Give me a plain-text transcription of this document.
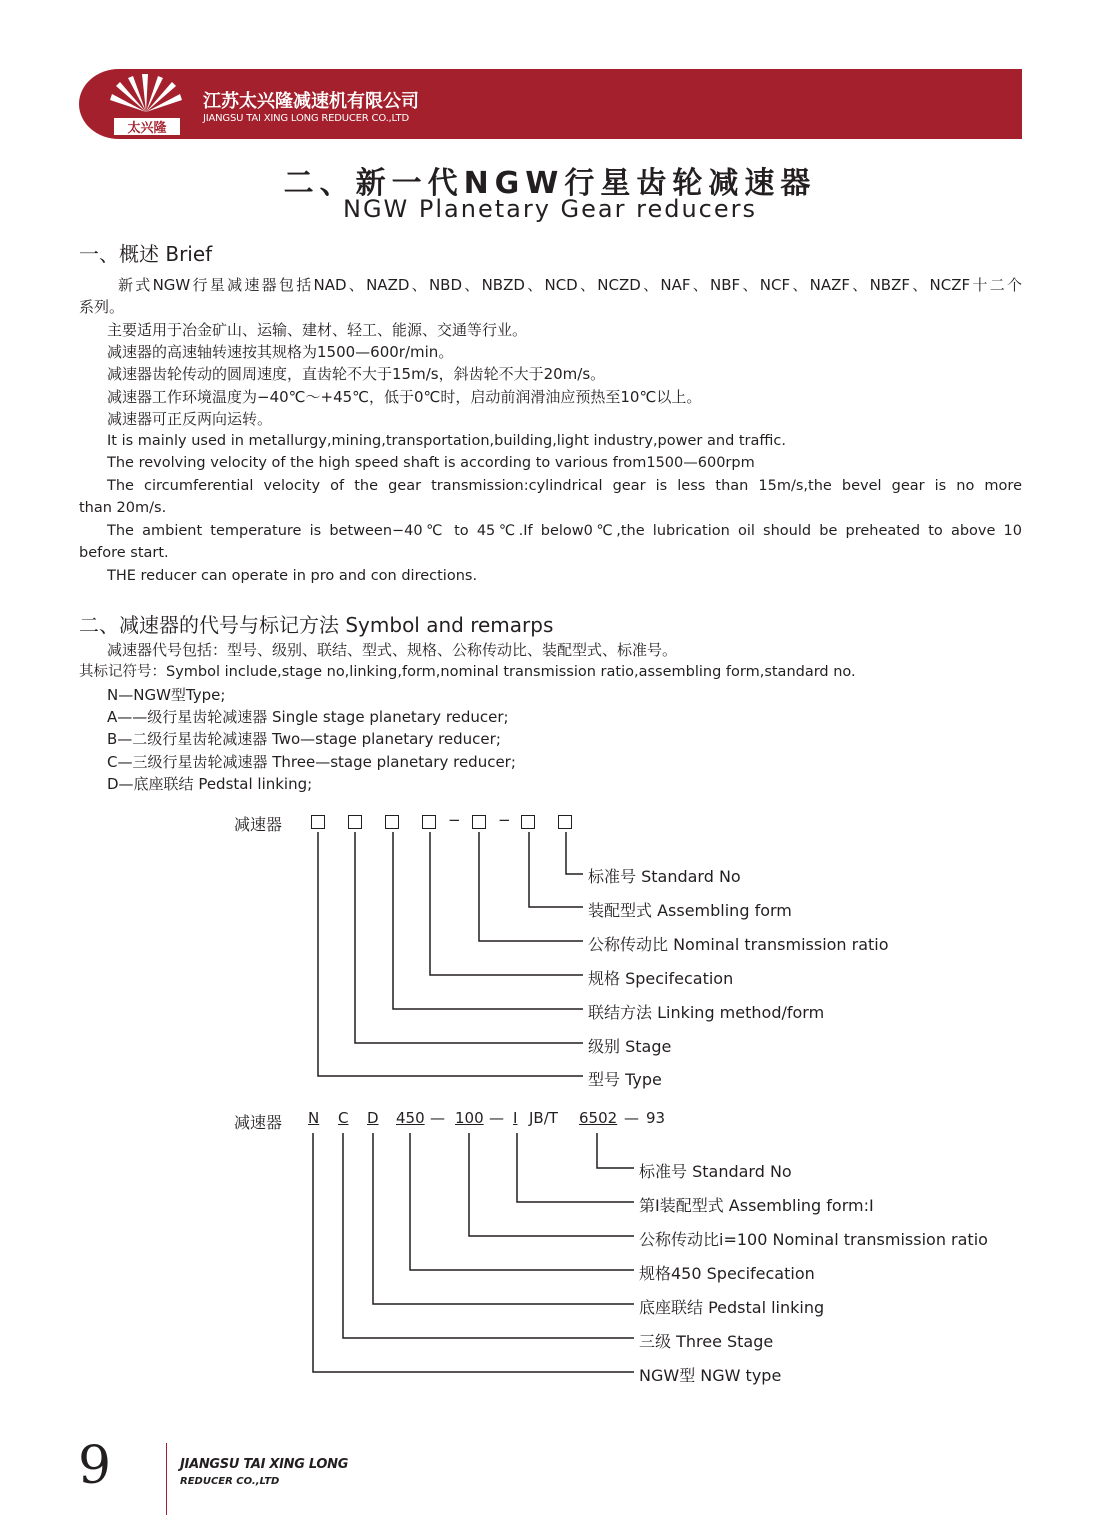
太兴隆
江苏太兴隆减速机有限公司
JIANGSU TAI XING LONG REDUCER CO.,LTD
二、新一代NGW行星齿轮减速器
NGW Planetary Gear reducers
一、概述 Brief
新式NGW行星减速器包括NAD、NAZD、NBD、NBZD、NCD、NCZD、NAF、NBF、NCF、NAZF、NBZF、NCZF十二个
系列。
主要适用于冶金矿山、运输、建材、轻工、能源、交通等行业。
减速器的高速轴转速按其规格为1500—600r/min。
减速器齿轮传动的圆周速度，直齿轮不大于15m/s，斜齿轮不大于20m/s。
减速器工作环境温度为−40℃～+45℃，低于0℃时，启动前润滑油应预热至10℃以上。
减速器可正反两向运转。
It is mainly used in metallurgy,mining,transportation,building,light industry,power and traffic.
The revolving velocity of the high speed shaft is according to various from1500—600rpm
The circumferential velocity of the gear transmission:cylindrical gear is less than 15m/s,the bevel gear is no more
than 20m/s.
The ambient temperature is between−40℃ to 45℃.If below0℃,the lubrication oil should be preheated to above 10
before start.
THE reducer can operate in pro and con directions.
二、减速器的代号与标记方法 Symbol and remarps
减速器代号包括：型号、级别、联结、型式、规格、公称传动比、装配型式、标准号。
其标记符号：Symbol include,stage no,linking,form,nominal transmission ratio,assembling form,standard no.
N—NGW型Type;
A——级行星齿轮减速器 Single stage planetary reducer;
B—二级行星齿轮减速器 Two—stage planetary reducer;
C—三级行星齿轮减速器 Three—stage planetary reducer;
D—底座联结 Pedstal linking;
减速器	− −
标准号 Standard No
装配型式 Assembling form
公称传动比 Nominal transmission ratio
规格 Specifecation
联结方法 Linking method/form
级别 Stage
型号 Type
减速器 N C D 450 — 100 — I JB/T 6502 — 93
标准号 Standard No
第Ⅰ装配型式 Assembling form:Ⅰ
公称传动比i=100 Nominal transmission ratio
规格450 Specifecation
底座联结 Pedstal linking
三级 Three Stage
NGW型 NGW type
9	JIANGSU TAI XING LONG
REDUCER CO.,LTD
